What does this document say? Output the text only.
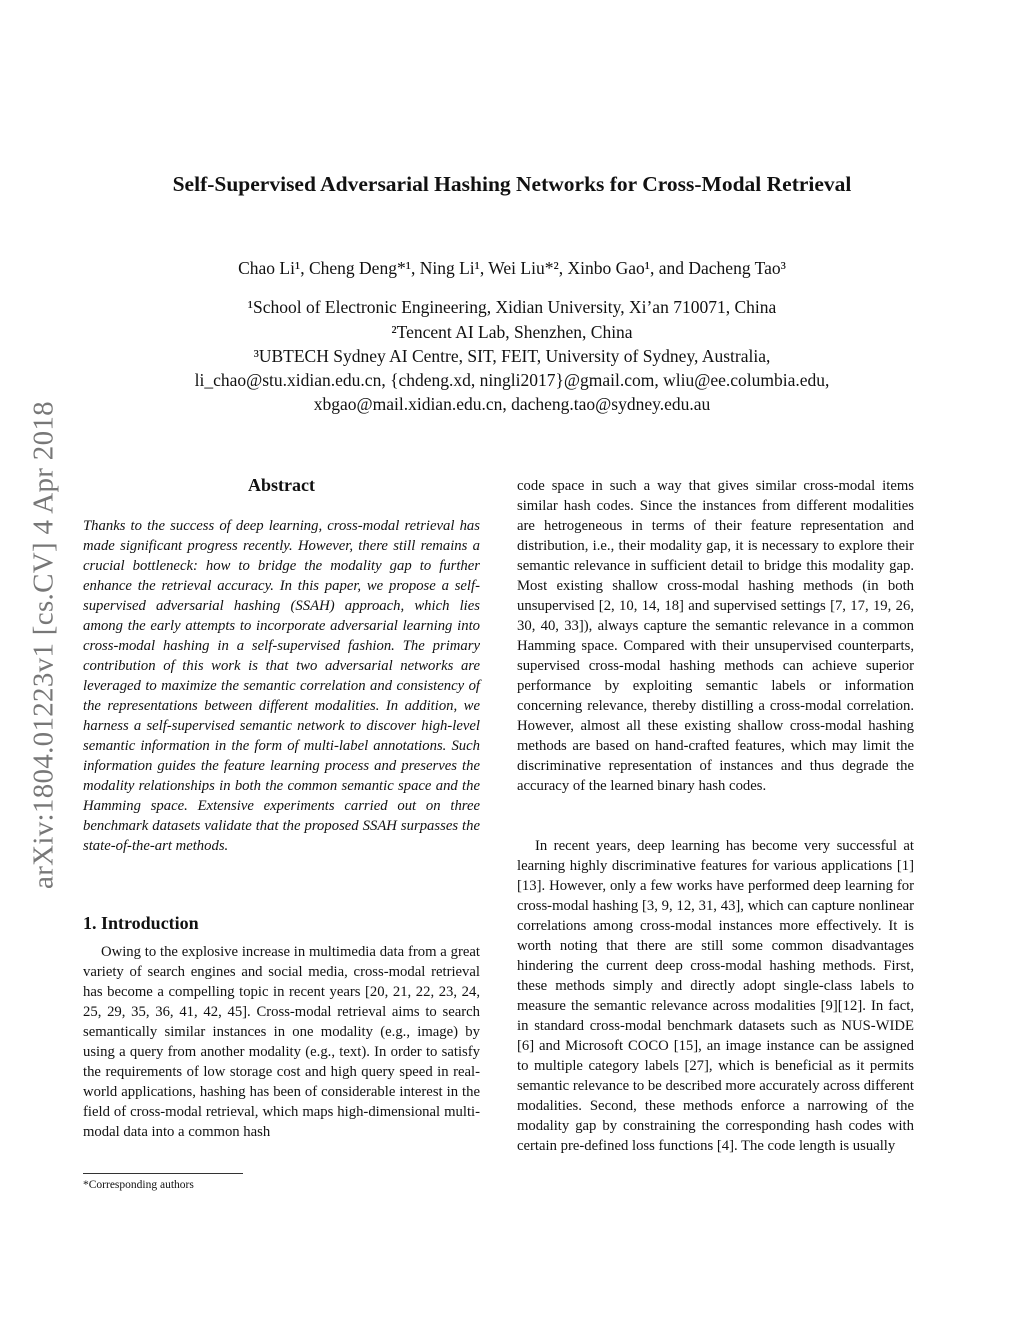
arXiv:1804.01223v1 [cs.CV] 4 Apr 2018
Self-Supervised Adversarial Hashing Networks for Cross-Modal Retrieval
Chao Li¹, Cheng Deng*¹, Ning Li¹, Wei Liu*², Xinbo Gao¹, and Dacheng Tao³
¹School of Electronic Engineering, Xidian University, Xi’an 710071, China
²Tencent AI Lab, Shenzhen, China
³UBTECH Sydney AI Centre, SIT, FEIT, University of Sydney, Australia,
li_chao@stu.xidian.edu.cn, {chdeng.xd, ningli2017}@gmail.com, wliu@ee.columbia.edu,
xbgao@mail.xidian.edu.cn, dacheng.tao@sydney.edu.au
Abstract
Thanks to the success of deep learning, cross-modal retrieval has made significant progress recently. However, there still remains a crucial bottleneck: how to bridge the modality gap to further enhance the retrieval accuracy. In this paper, we propose a self-supervised adversarial hashing (SSAH) approach, which lies among the early attempts to incorporate adversarial learning into cross-modal hashing in a self-supervised fashion. The primary contribution of this work is that two adversarial networks are leveraged to maximize the semantic correlation and consistency of the representations between different modalities. In addition, we harness a self-supervised semantic network to discover high-level semantic information in the form of multi-label annotations. Such information guides the feature learning process and preserves the modality relationships in both the common semantic space and the Hamming space. Extensive experiments carried out on three benchmark datasets validate that the proposed SSAH surpasses the state-of-the-art methods.
1. Introduction
Owing to the explosive increase in multimedia data from a great variety of search engines and social media, cross-modal retrieval has become a compelling topic in recent years [20, 21, 22, 23, 24, 25, 29, 35, 36, 41, 42, 45]. Cross-modal retrieval aims to search semantically similar instances in one modality (e.g., image) by using a query from another modality (e.g., text). In order to satisfy the requirements of low storage cost and high query speed in real-world applications, hashing has been of considerable interest in the field of cross-modal retrieval, which maps high-dimensional multi-modal data into a common hash
*Corresponding authors
code space in such a way that gives similar cross-modal items similar hash codes. Since the instances from different modalities are hetrogeneous in terms of their feature representation and distribution, i.e., their modality gap, it is necessary to explore their semantic relevance in sufficient detail to bridge this modality gap. Most existing shallow cross-modal hashing methods (in both unsupervised [2, 10, 14, 18] and supervised settings [7, 17, 19, 26, 30, 40, 33]), always capture the semantic relevance in a common Hamming space. Compared with their unsupervised counterparts, supervised cross-modal hashing methods can achieve superior performance by exploiting semantic labels or information concerning relevance, thereby distilling a cross-modal correlation. However, almost all these existing shallow cross-modal hashing methods are based on hand-crafted features, which may limit the discriminative representation of instances and thus degrade the accuracy of the learned binary hash codes.
In recent years, deep learning has become very successful at learning highly discriminative features for various applications [1][13]. However, only a few works have performed deep learning for cross-modal hashing [3, 9, 12, 31, 43], which can capture nonlinear correlations among cross-modal instances more effectively. It is worth noting that there are still some common disadvantages hindering the current deep cross-modal hashing methods. First, these methods simply and directly adopt single-class labels to measure the semantic relevance across modalities [9][12]. In fact, in standard cross-modal benchmark datasets such as NUS-WIDE [6] and Microsoft COCO [15], an image instance can be assigned to multiple category labels [27], which is beneficial as it permits semantic relevance to be described more accurately across different modalities. Second, these methods enforce a narrowing of the modality gap by constraining the corresponding hash codes with certain pre-defined loss functions [4]. The code length is usually
